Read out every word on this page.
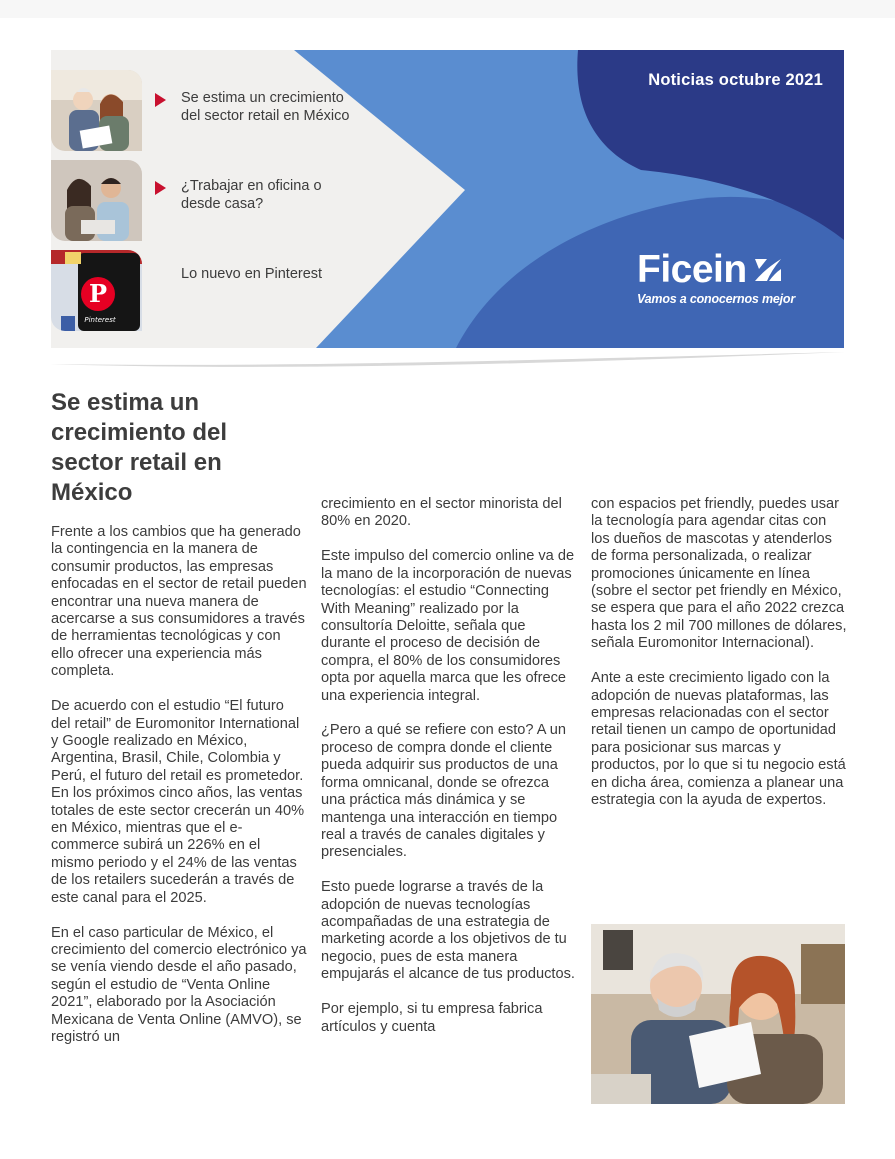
P
Pinterest
Se estima un crecimiento del sector retail en México
¿Trabajar en oficina o desde casa?
Lo nuevo en Pinterest
Noticias octubre 2021
Ficein
Vamos a conocernos mejor
Se estima un crecimiento del sector retail en México

Frente a los cambios que ha generado la contingencia en la manera de consumir productos, las empresas enfocadas en el sector de retail pueden encontrar una nueva manera de acercarse a sus consumidores a través de herramientas tecnológicas y con ello ofrecer una experiencia más completa.

De acuerdo con el estudio “El futuro del retail” de Euromonitor International y Google realizado en México, Argentina, Brasil, Chile, Colombia y Perú, el futuro del retail es prometedor. En los próximos cinco años, las ventas totales de este sector crecerán un 40% en México, mientras que el e-commerce subirá un 226% en el mismo periodo y el 24% de las ventas de los retailers sucederán a través de este canal para el 2025.

En el caso particular de México, el crecimiento del comercio electrónico ya se venía viendo desde el año pasado, según el estudio de “Venta Online 2021”, elaborado por la Asociación Mexicana de Venta Online (AMVO), se registró un

crecimiento en el sector minorista del 80% en 2020.

Este impulso del comercio online va de la mano de la incorporación de nuevas tecnologías: el estudio “Connecting With Meaning” realizado por la consultoría Deloitte, señala que durante el proceso de decisión de compra, el 80% de los consumidores opta por aquella marca que les ofrece una experiencia integral.

¿Pero a qué se refiere con esto? A un proceso de compra donde el cliente pueda adquirir sus productos de una forma omnicanal, donde se ofrezca una práctica más dinámica y se mantenga una interacción en tiempo real a través de canales digitales y presenciales.

Esto puede lograrse a través de la adopción de nuevas tecnologías acompañadas de una estrategia de marketing acorde a los objetivos de tu negocio, pues de esta manera empujarás el alcance de tus productos.

Por ejemplo, si tu empresa fabrica artículos y cuenta

con espacios pet friendly, puedes usar la tecnología para agendar citas con los dueños de mascotas y atenderlos de forma personalizada, o realizar promociones únicamente en línea (sobre el sector pet friendly en México, se espera que para el año 2022 crezca hasta los 2 mil 700 millones de dólares, señala Euromonitor Internacional).

Ante a este crecimiento ligado con la adopción de nuevas plataformas, las empresas relacionadas con el sector retail tienen un campo de oportunidad para posicionar sus marcas y productos, por lo que si tu negocio está en dicha área, comienza a planear una estrategia con la ayuda de expertos.
